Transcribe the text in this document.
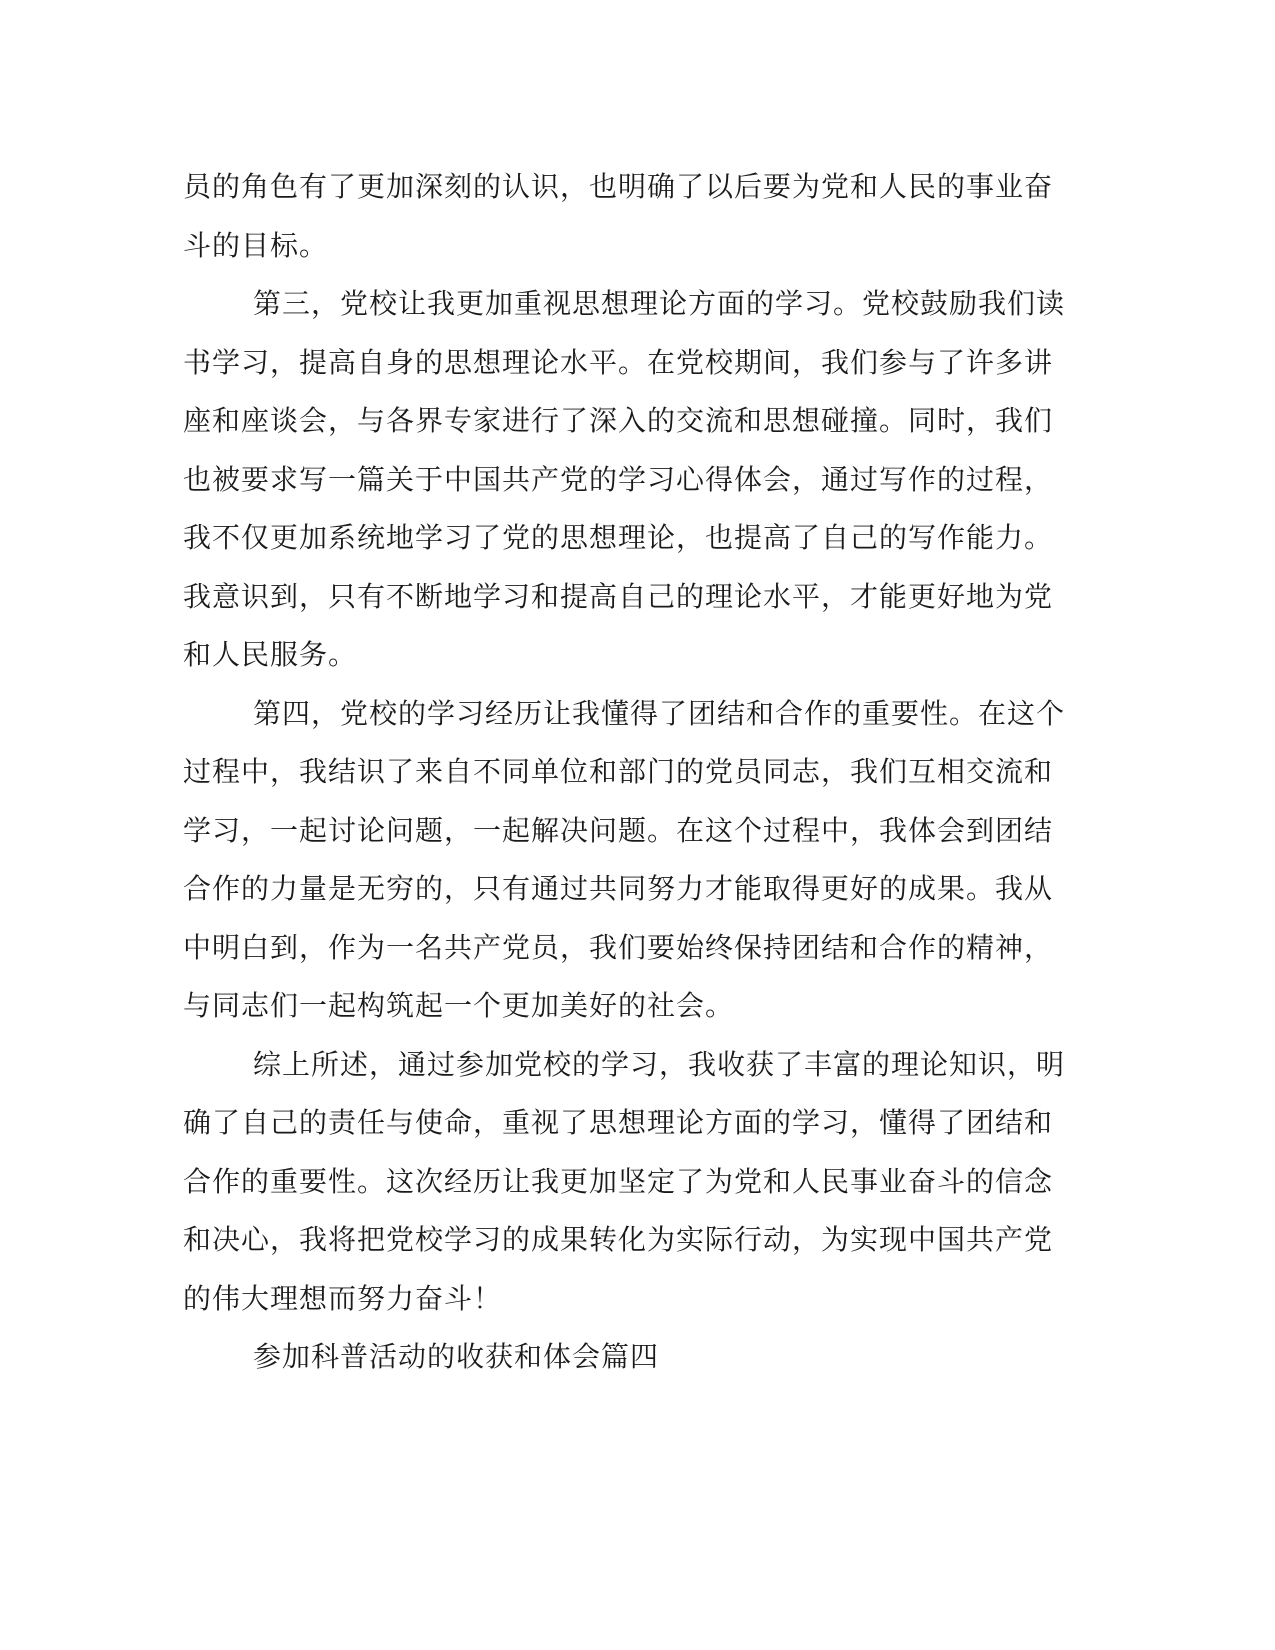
员的角色有了更加深刻的认识，也明确了以后要为党和人民的事业奋
斗的目标。
第三，党校让我更加重视思想理论方面的学习。党校鼓励我们读
书学习，提高自身的思想理论水平。在党校期间，我们参与了许多讲
座和座谈会，与各界专家进行了深入的交流和思想碰撞。同时，我们
也被要求写一篇关于中国共产党的学习心得体会，通过写作的过程，
我不仅更加系统地学习了党的思想理论，也提高了自己的写作能力。
我意识到，只有不断地学习和提高自己的理论水平，才能更好地为党
和人民服务。
第四，党校的学习经历让我懂得了团结和合作的重要性。在这个
过程中，我结识了来自不同单位和部门的党员同志，我们互相交流和
学习，一起讨论问题，一起解决问题。在这个过程中，我体会到团结
合作的力量是无穷的，只有通过共同努力才能取得更好的成果。我从
中明白到，作为一名共产党员，我们要始终保持团结和合作的精神，
与同志们一起构筑起一个更加美好的社会。
综上所述，通过参加党校的学习，我收获了丰富的理论知识，明
确了自己的责任与使命，重视了思想理论方面的学习，懂得了团结和
合作的重要性。这次经历让我更加坚定了为党和人民事业奋斗的信念
和决心，我将把党校学习的成果转化为实际行动，为实现中国共产党
的伟大理想而努力奋斗！
参加科普活动的收获和体会篇四
